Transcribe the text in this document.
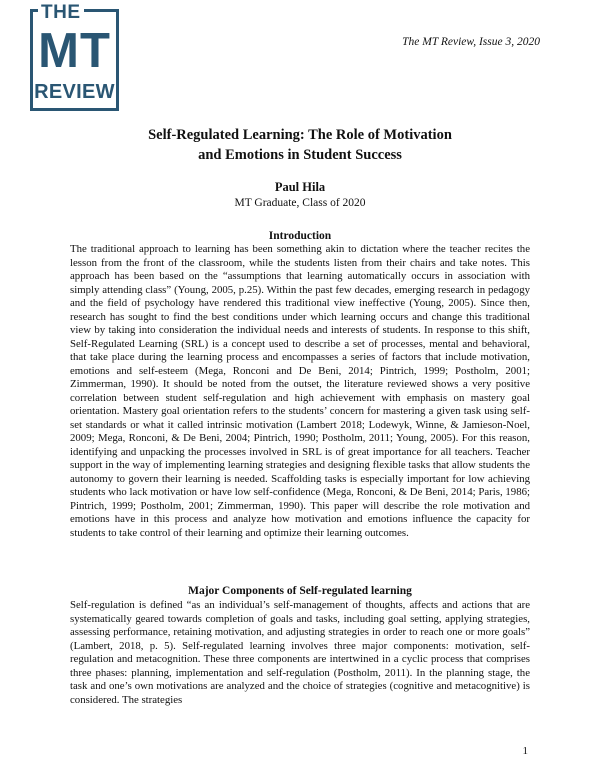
THE
MT
REVIEW
The MT Review, Issue 3, 2020
Self-Regulated Learning: The Role of Motivation
and Emotions in Student Success
Paul Hila
MT Graduate, Class of 2020
Introduction

The traditional approach to learning has been something akin to dictation where the teacher recites the lesson from the front of the classroom, while the students listen from their chairs and take notes. This approach has been based on the “assumptions that learning automatically occurs in association with simply attending class” (Young, 2005, p.25). Within the past few decades, emerging research in pedagogy and the field of psychology have rendered this traditional view ineffective (Young, 2005). Since then, research has sought to find the best conditions under which learning occurs and change this traditional view by taking into consideration the individual needs and interests of students. In response to this shift, Self-Regulated Learning (SRL) is a concept used to describe a set of processes, mental and behavioral, that take place during the learning process and encompasses a series of factors that include motivation, emotions and self-esteem (Mega, Ronconi and De Beni, 2014; Pintrich, 1999; Postholm, 2001; Zimmerman, 1990). It should be noted from the outset, the literature reviewed shows a very positive correlation between student self-regulation and high achievement with emphasis on mastery goal orientation. Mastery goal orientation refers to the students’ concern for mastering a given task using self-set standards or what it called intrinsic motivation (Lambert 2018; Lodewyk, Winne, & Jamieson-Noel, 2009; Mega, Ronconi, & De Beni, 2004; Pintrich, 1990; Postholm, 2011; Young, 2005). For this reason, identifying and unpacking the processes involved in SRL is of great importance for all teachers. Teacher support in the way of implementing learning strategies and designing flexible tasks that allow students the autonomy to govern their learning is needed. Scaffolding tasks is especially important for low achieving students who lack motivation or have low self-confidence (Mega, Ronconi, & De Beni, 2014; Paris, 1986; Pintrich, 1999; Postholm, 2001; Zimmerman, 1990). This paper will describe the role motivation and emotions have in this process and analyze how motivation and emotions influence the capacity for students to take control of their learning and optimize their learning outcomes.

Major Components of Self-regulated learning

Self-regulation is defined “as an individual’s self-management of thoughts, affects and actions that are systematically geared towards completion of goals and tasks, including goal setting, applying strategies, assessing performance, retaining motivation, and adjusting strategies in order to reach one or more goals” (Lambert, 2018, p. 5). Self-regulated learning involves three major components: motivation, self-regulation and metacognition. These three components are intertwined in a cyclic process that comprises three phases: planning, implementation and self-regulation (Postholm, 2011). In the planning stage, the task and one’s own motivations are analyzed and the choice of strategies (cognitive and metacognitive) is considered. The strategies

1
